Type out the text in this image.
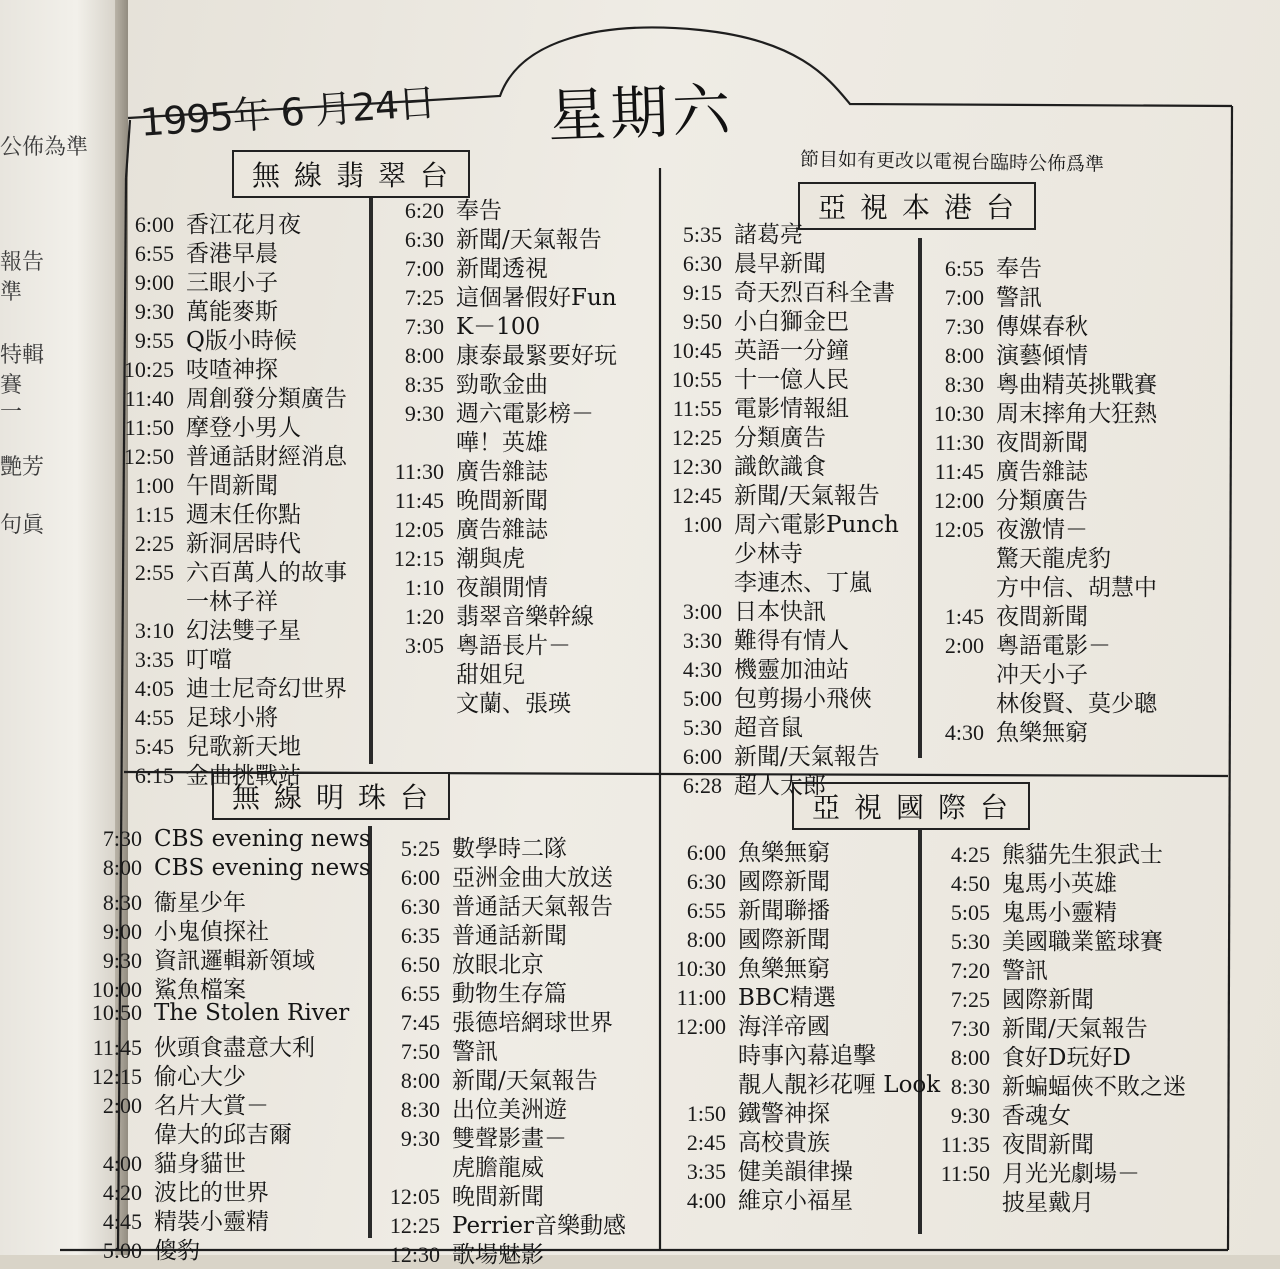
公佈為準
報告
準
特輯
賽
一
艷芳
句眞
1995年 6 月24日 星期六
節目如有更改以電視台臨時公佈爲準
無線翡翠台
亞視本港台
無線明珠台	亞視國際台
6:00 香江花月夜
6:55 香港早晨
9:00 三眼小子
9:30 萬能麥斯
9:55 Q版小時候
10:25 吱喳神探
11:40 周創發分類廣告
11:50 摩登小男人
12:50 普通話財經消息
1:00 午間新聞
1:15 週末任你點
2:25 新洞居時代
2:55 六百萬人的故事
一林子祥
3:10 幻法雙子星
3:35 叮噹
4:05 迪士尼奇幻世界
4:55 足球小將
5:45 兒歌新天地
6:15 金曲挑戰站
6:20 奉告
6:30 新聞/天氣報告
7:00 新聞透視
7:25 這個暑假好Fun
7:30 K－100
8:00 康泰最緊要好玩
8:35 勁歌金曲
9:30 週六電影榜－
嘩！英雄
11:30 廣告雜誌
11:45 晚間新聞
12:05 廣告雜誌
12:15 潮與虎
1:10 夜韻閒情
1:20 翡翠音樂幹線
3:05 粵語長片－
甜姐兒
文蘭、張瑛
5:35 諸葛亮
6:30 晨早新聞
9:15 奇天烈百科全書
9:50 小白獅金巴
10:45 英語一分鐘
10:55 十一億人民
11:55 電影情報組
12:25 分類廣告
12:30 識飲識食
12:45 新聞/天氣報告
1:00 周六電影Punch
少林寺
李連杰、丁嵐
3:00 日本快訊
3:30 難得有情人
4:30 機靈加油站
5:00 包剪揚小飛俠
5:30 超音鼠
6:00 新聞/天氣報告
6:28 超人太郎
6:55 奉告
7:00 警訊
7:30 傳媒春秋
8:00 演藝傾情
8:30 粵曲精英挑戰賽
10:30 周末摔角大狂熱
11:30 夜間新聞
11:45 廣告雜誌
12:00 分類廣告
12:05 夜激情－
驚天龍虎豹
方中信、胡慧中
1:45 夜間新聞
2:00 粵語電影－
冲天小子
林俊賢、莫少聰
4:30 魚樂無窮
7:30 CBS evening news
8:00 CBS evening news
8:30 衞星少年
9:00 小鬼偵探社
9:30 資訊邏輯新領域
10:00 鯊魚檔案
10:50 The Stolen River
11:45 伙頭食盡意大利
12:15 偷心大少
2:00 名片大賞－
偉大的邱吉爾
4:00 貓身貓世
4:20 波比的世界
4:45 精裝小靈精
5:00 傻豹
5:25 數學時二隊
6:00 亞洲金曲大放送
6:30 普通話天氣報告
6:35 普通話新聞
6:50 放眼北京
6:55 動物生存篇
7:45 張德培網球世界
7:50 警訊
8:00 新聞/天氣報告
8:30 出位美洲遊
9:30 雙聲影畫－
虎膽龍威
12:05 晚間新聞
12:25 Perrier音樂動感
12:30 歌場魅影
6:00 魚樂無窮
6:30 國際新聞
6:55 新聞聯播
8:00 國際新聞
10:30 魚樂無窮
11:00 BBC精選
12:00 海洋帝國
時事內幕追擊
靚人靚衫花喱 Look
1:50 鐵警神探
2:45 高校貴族
3:35 健美韻律操
4:00 維京小福星
4:25 熊貓先生狠武士
4:50 鬼馬小英雄
5:05 鬼馬小靈精
5:30 美國職業籃球賽
7:20 警訊
7:25 國際新聞
7:30 新聞/天氣報告
8:00 食好D玩好D
8:30 新蝙蝠俠不敗之迷
9:30 香魂女
11:35 夜間新聞
11:50 月光光劇場－
披星戴月
